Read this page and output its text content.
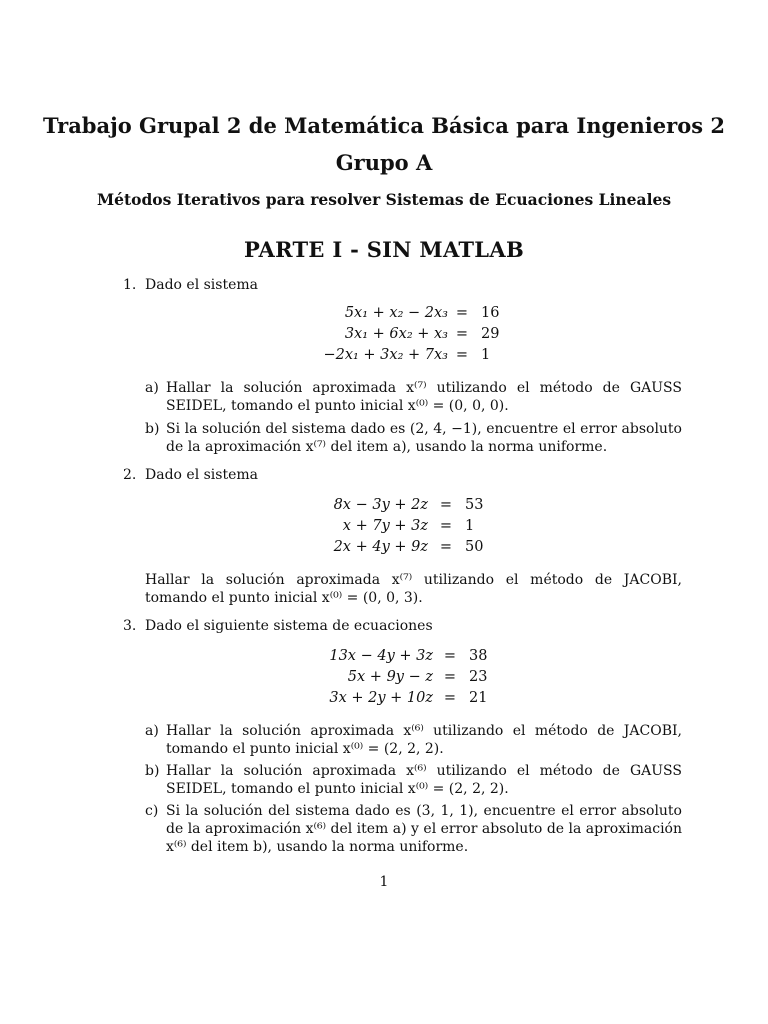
Trabajo Grupal 2 de Matemática Básica para Ingenieros 2
Grupo A
Métodos Iterativos para resolver Sistemas de Ecuaciones Lineales
PARTE I - SIN MATLAB
1. Dado el sistema
5x₁ + x₂ − 2x₃ = 16
3x₁ + 6x₂ + x₃ = 29
−2x₁ + 3x₂ + 7x₃ = 1
a) Hallar la solución aproximada x⁽⁷⁾ utilizando el método de GAUSS SEIDEL, tomando el punto inicial x⁽⁰⁾ = (0, 0, 0).
b) Si la solución del sistema dado es (2, 4, −1), encuentre el error absoluto de la aproximación x⁽⁷⁾ del item a), usando la norma uniforme.
2. Dado el sistema
8x − 3y + 2z = 53
x + 7y + 3z = 1
2x + 4y + 9z = 50
Hallar la solución aproximada x⁽⁷⁾ utilizando el método de JACOBI, tomando el punto inicial x⁽⁰⁾ = (0, 0, 3).
3. Dado el siguiente sistema de ecuaciones
13x − 4y + 3z = 38
5x + 9y − z = 23
3x + 2y + 10z = 21
a) Hallar la solución aproximada x⁽⁶⁾ utilizando el método de JACOBI, tomando el punto inicial x⁽⁰⁾ = (2, 2, 2).
b) Hallar la solución aproximada x⁽⁶⁾ utilizando el método de GAUSS SEIDEL, tomando el punto inicial x⁽⁰⁾ = (2, 2, 2).
c) Si la solución del sistema dado es (3, 1, 1), encuentre el error absoluto de la aproximación x⁽⁶⁾ del item a) y el error absoluto de la aproximación x⁽⁶⁾ del item b), usando la norma uniforme.
1
